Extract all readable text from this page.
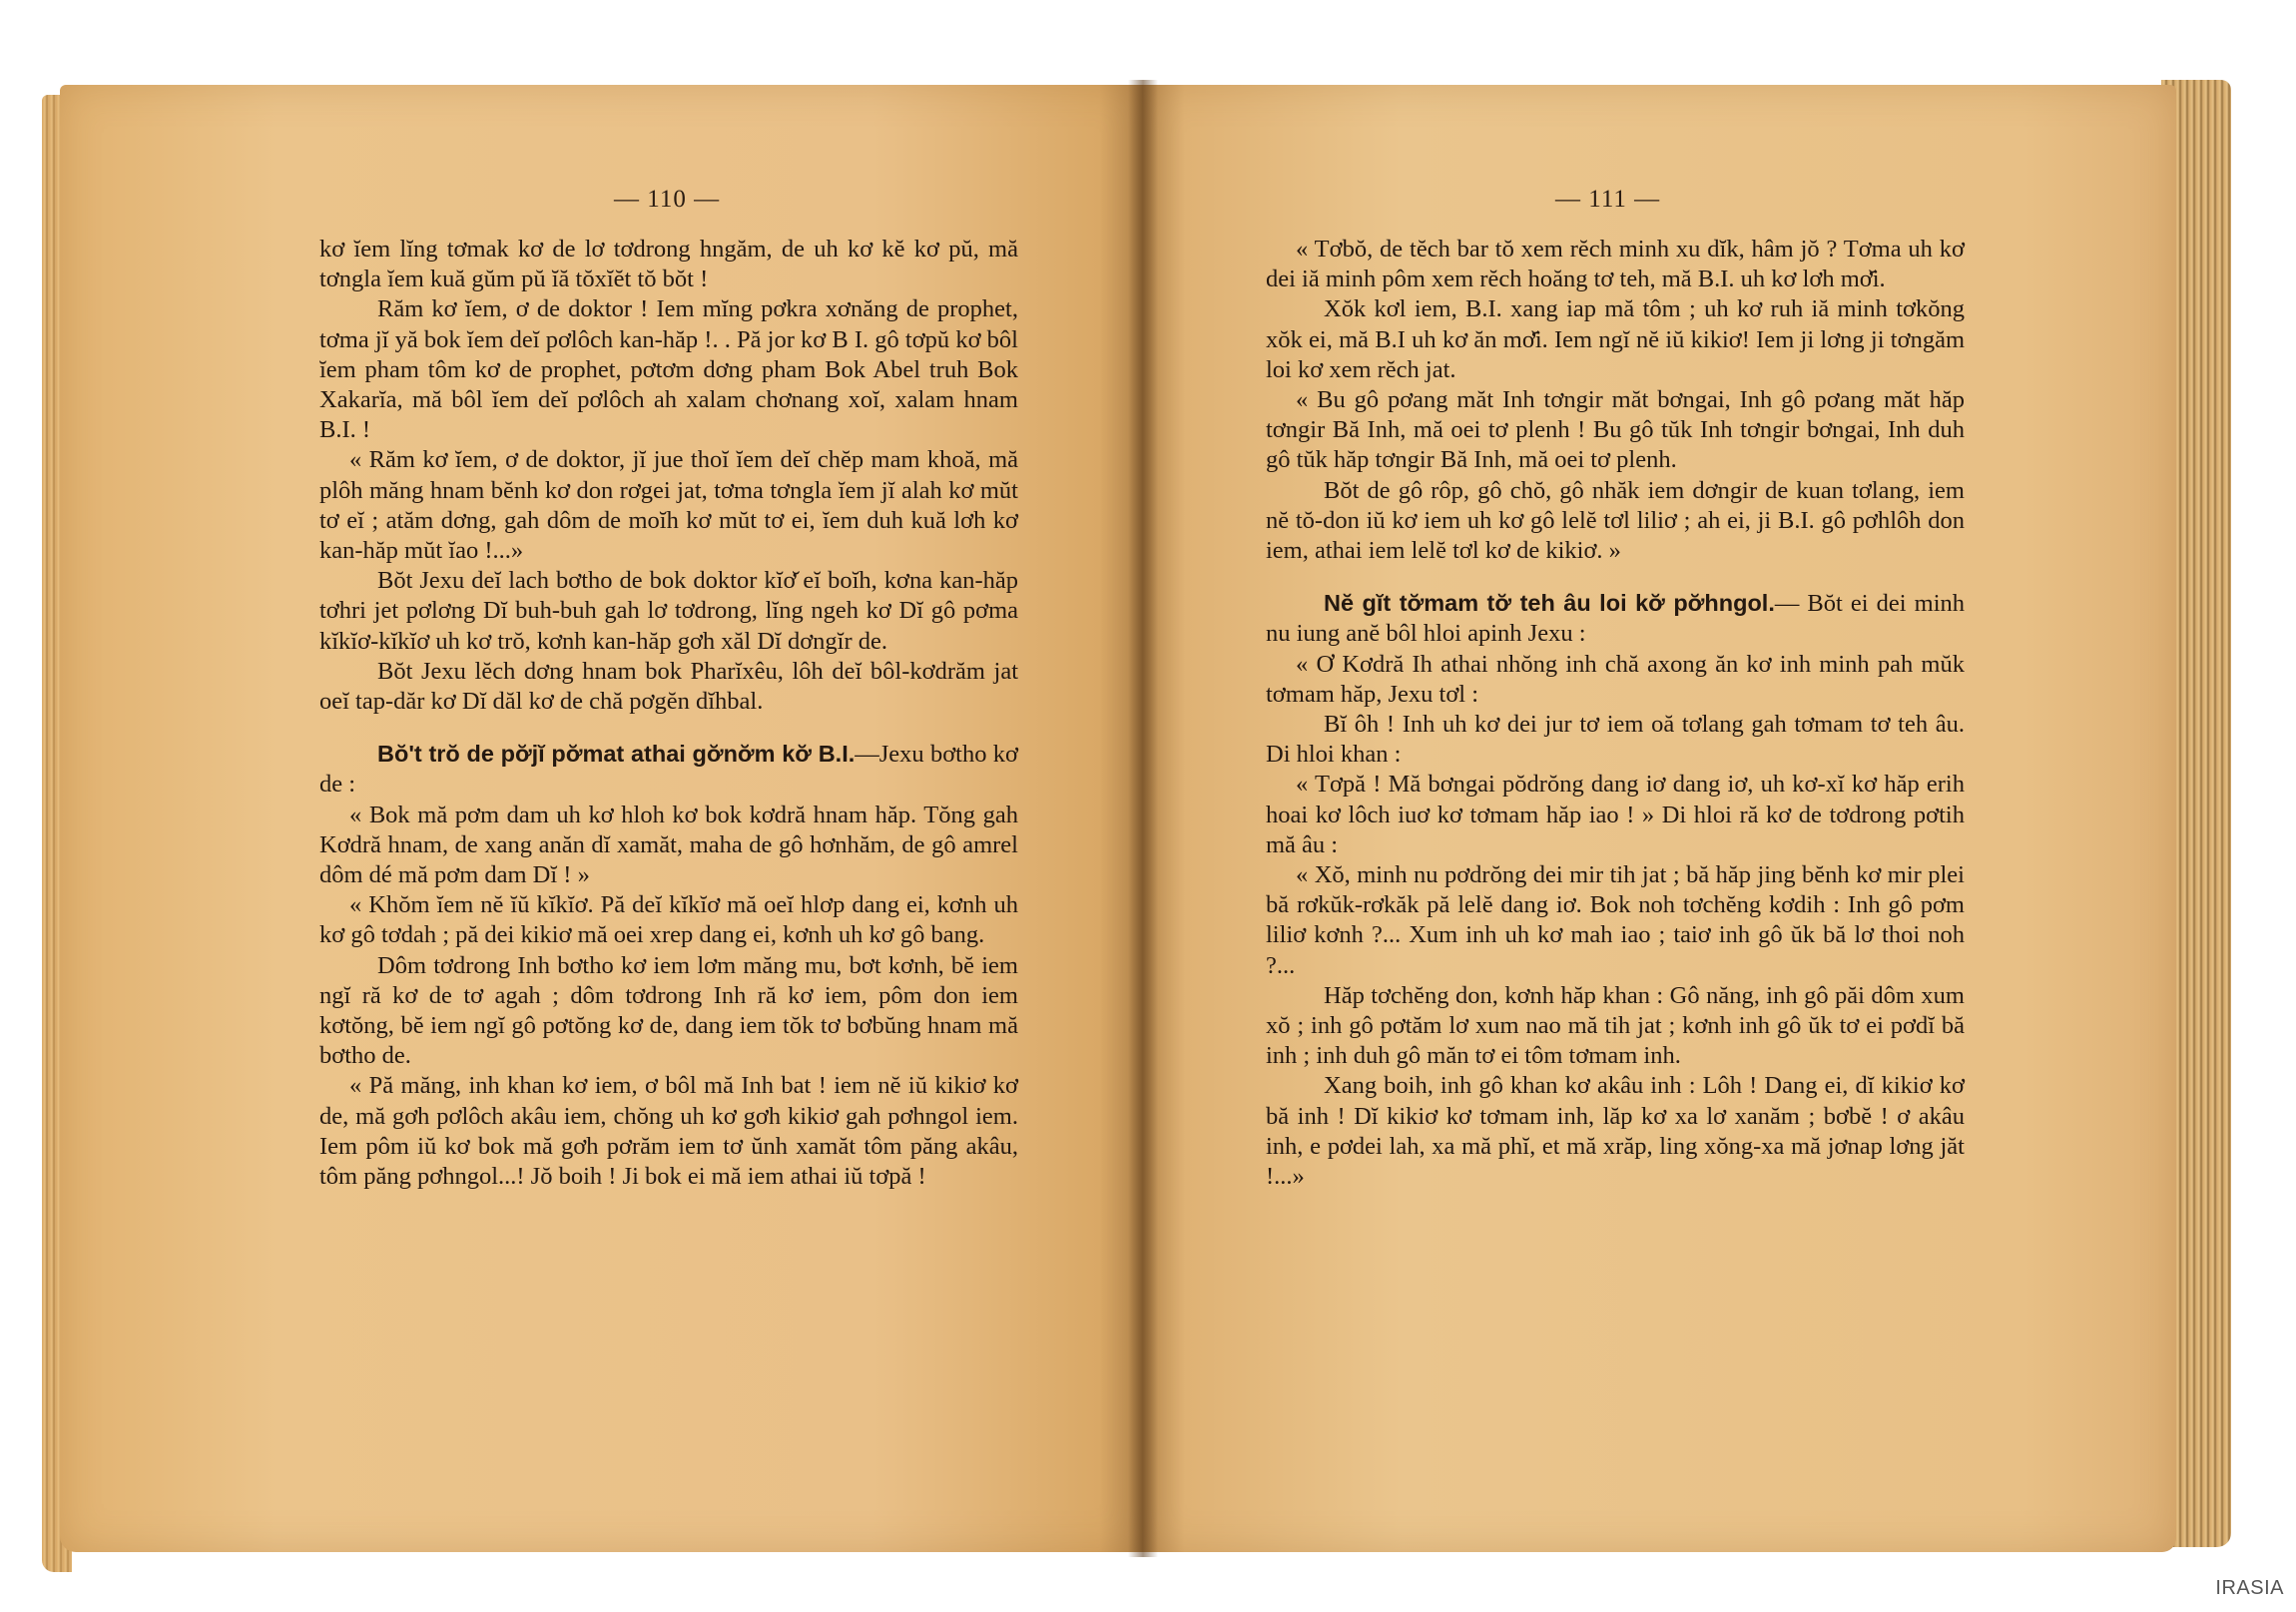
— 110 —	— 111 —

kơ ĭem lĭng tơmak kơ de lơ tơdrong hngăm, de uh kơ kĕ kơ pŭ, mă tơngla ĭem kuă gŭm pŭ ĭă tŏxĭĕt tŏ bŏt !

Răm kơ ĭem, ơ de doktor ! Iem mĭng pơkra xơnăng de prophet, tơma jĭ yă bok ĭem deĭ pơlôch kan-hăp !. . Pă jor kơ B I. gô tơpŭ kơ bôl ĭem pham tôm kơ de prophet, pơtơm dơng pham Bok Abel truh Bok Xakarĭa, mă bôl ĭem deĭ pơlôch ah xalam chơnang xoĭ, xalam hnam B.I. !

« Răm kơ ĭem, ơ de doktor, jĭ jue thoĭ ĭem deĭ chĕp mam khoă, mă plôh măng hnam bĕnh kơ don rơgei jat, tơma tơngla ĭem jĭ alah kơ mŭt tơ eĭ ; atăm dơng, gah dôm de moĭh kơ mŭt tơ ei, ĭem duh kuă lơh kơ kan-hăp mŭt ĭao !...»

Bŏt Jexu deĭ lach bơtho de bok doktor kĭơ̆ eĭ boĭh, kơna kan-hăp tơhri jet pơlơng Dĭ buh-buh gah lơ tơdrong, lĭng ngeh kơ Dĭ gô pơma kĭkĭơ-kĭkĭơ uh kơ trŏ, kơnh kan-hăp gơh xăl Dĭ dơngĭr de.

Bŏt Jexu lĕch dơng hnam bok Pharĭxêu, lôh deĭ bôl-kơdrăm jat oeĭ tap-dăr kơ Dĭ dăl kơ de chă pơgĕn dĭhbal.

Bŏ't trŏ de pơ̆jĭ pơ̆mat athai gơ̆nơ̆m kơ̆ B.I.—Jexu bơtho kơ de :

« Bok mă pơm dam uh kơ hloh kơ bok kơdră hnam hăp. Tŏng gah Kơdră hnam, de xang anăn dĭ xamăt, maha de gô hơnhăm, de gô amrel dôm dé mă pơm dam Dĭ ! »

« Khŏm ĭem nĕ ĭŭ kĭkĭơ. Pă deĭ kĭkĭơ mă oeĭ hlơp dang ei, kơnh uh kơ gô tơdah ; pă dei kikiơ mă oei xrep dang ei, kơnh uh kơ gô bang.

Dôm tơdrong Inh bơtho kơ iem lơm măng mu, bơt kơnh, bĕ iem ngĭ ră kơ de tơ agah ; dôm tơdrong Inh ră kơ iem, pôm don iem kơtŏng, bĕ iem ngĭ gô pơtŏng kơ de, dang iem tŏk tơ bơbŭng hnam mă bơtho de.

« Pă măng, inh khan kơ iem, ơ bôl mă Inh bat ! iem nĕ iŭ kikiơ kơ de, mă gơh pơlôch akâu iem, chŏng uh kơ gơh kikiơ gah pơhngol iem. Iem pôm iŭ kơ bok mă gơh pơrăm iem tơ ŭnh xamăt tôm păng akâu, tôm păng pơhngol...! Jŏ boih ! Ji bok ei mă iem athai iŭ tơpă !

« Tơbŏ, de tĕch bar tŏ xem rĕch minh xu dĭk, hâm jŏ ? Tơma uh kơ dei iă minh pôm xem rĕch hoăng tơ teh, mă B.I. uh kơ lơh mơ̆i.

Xŏk kơl iem, B.I. xang iap mă tôm ; uh kơ ruh iă minh tơkŏng xŏk ei, mă B.I uh kơ ăn mơ̆i. Iem ngĭ nĕ iŭ kikiơ! Iem ji lơng ji tơngăm loi kơ xem rĕch jat.

« Bu gô pơang măt Inh tơngir măt bơngai, Inh gô pơang măt hăp tơngir Bă Inh, mă oei tơ plenh ! Bu gô tŭk Inh tơngir bơngai, Inh duh gô tŭk hăp tơngir Bă Inh, mă oei tơ plenh.

Bŏt de gô rôp, gô chŏ, gô nhăk iem dơngir de kuan tơlang, iem nĕ tŏ-don iŭ kơ iem uh kơ gô lelĕ tơl liliơ ; ah ei, ji B.I. gô pơhlôh don iem, athai iem lelĕ tơl kơ de kikiơ. »

Nĕ gĭt tơ̆mam tơ̆ teh âu loi kơ̆ pơ̆hngol.— Bŏt ei dei minh nu iung anĕ bôl hloi apinh Jexu :

« Ơ Kơdră Ih athai nhŏng inh chă axong ăn kơ inh minh pah mŭk tơmam hăp, Jexu tơl :

Bĭ ôh ! Inh uh kơ dei jur tơ iem oă tơlang gah tơmam tơ teh âu. Di hloi khan :

« Tơpă ! Mă bơngai pŏdrŏng dang iơ dang iơ, uh kơ-xĭ kơ hăp erih hoai kơ lôch iuơ kơ tơmam hăp iao ! » Di hloi ră kơ de tơdrong pơtih mă âu :

« Xŏ, minh nu pơdrŏng dei mir tih jat ; bă hăp jing bĕnh kơ mir plei bă rơkŭk-rơkăk pă lelĕ dang iơ. Bok noh tơchĕng kơdih : Inh gô pơm liliơ kơnh ?... Xum inh uh kơ mah iao ; taiơ inh gô ŭk bă lơ thoi noh ?...

Hăp tơchĕng don, kơnh hăp khan : Gô năng, inh gô păi dôm xum xŏ ; inh gô pơtăm lơ xum nao mă tih jat ; kơnh inh gô ŭk tơ ei pơdĭ bă inh ; inh duh gô măn tơ ei tôm tơmam inh.

Xang boih, inh gô khan kơ akâu inh : Lôh ! Dang ei, dĭ kikiơ kơ bă inh ! Dĭ kikiơ kơ tơmam inh, lăp kơ xa lơ xanăm ; bơbĕ ! ơ akâu inh, e pơdei lah, xa mă phĭ, et mă xrăp, ling xŏng-xa mă jơnap lơng jăt !...»

IRASIA
